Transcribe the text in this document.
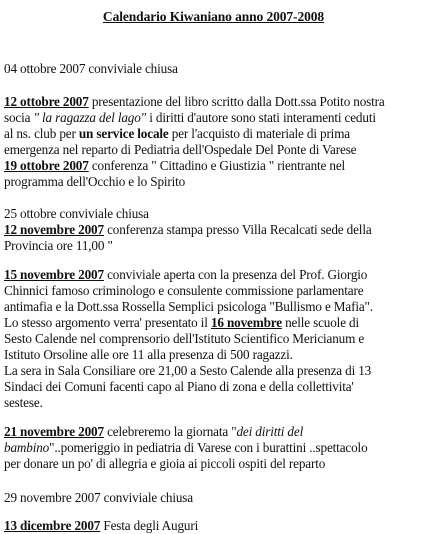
Calendario Kiwaniano anno 2007-2008
04 ottobre 2007 conviviale chiusa
12 ottobre 2007 presentazione del libro scritto dalla Dott.ssa Potito nostra
socia " la ragazza del lago" i diritti d'autore sono stati interamenti ceduti
al ns. club per un service locale per l'acquisto di materiale di prima
emergenza nel reparto di Pediatria dell'Ospedale Del Ponte di Varese
19 ottobre 2007 conferenza " Cittadino e Giustizia " rientrante nel
programma dell'Occhio e lo Spirito
25 ottobre conviviale chiusa
12 novembre 2007 conferenza stampa presso Villa Recalcati sede della
Provincia ore 11,00 "
15 novembre 2007 conviviale aperta con la presenza del Prof. Giorgio
Chinnici famoso criminologo e consulente commissione parlamentare
antimafia e la Dott.ssa Rossella Semplici psicologa "Bullismo e Mafia".
Lo stesso argomento verra' presentato il 16 novembre nelle scuole di
Sesto Calende nel comprensorio dell'Istituto Scientifico Mericianum e
Istituto Orsoline alle ore 11 alla presenza di 500 ragazzi.
La sera in Sala Consiliare ore 21,00 a Sesto Calende alla presenza di 13
Sindaci dei Comuni facenti capo al Piano di zona e della collettivita'
sestese.
21 novembre 2007 celebreremo la giornata "dei diritti del
bambino"..pomeriggio in pediatria di Varese con i burattini ..spettacolo
per donare un po' di allegria e gioia ai piccoli ospiti del reparto
29 novembre 2007 conviviale chiusa
13 dicembre 2007 Festa degli Auguri
